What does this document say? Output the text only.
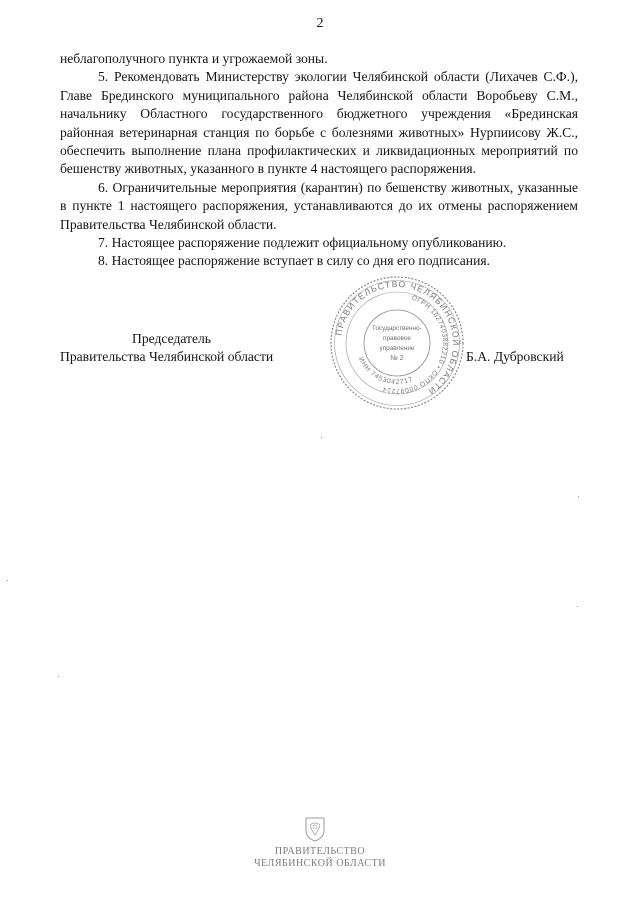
2

неблагополучного пункта и угрожаемой зоны.

5. Рекомендовать Министерству экологии Челябинской области (Лихачев С.Ф.), Главе Брединского муниципального района Челябинской области Воробьеву С.М., начальнику Областного государственного бюджетного учреждения «Брединская районная ветеринарная станция по борьбе с болезнями животных» Нурпиисову Ж.С., обеспечить выполнение плана профилактических и ликвидационных мероприятий по бешенству животных, указанного в пункте 4 настоящего распоряжения.

6. Ограничительные мероприятия (карантин) по бешенству животных, указанные в пункте 1 настоящего распоряжения, устанавливаются до их отмены распоряжением Правительства Челябинской области.

7. Настоящее распоряжение подлежит официальному опубликованию.

8. Настоящее распоряжение вступает в силу со дня его подписания.

Председатель
Правительства Челябинской области	Б.А. Дубровский
ПРАВИТЕЛЬСТВО ЧЕЛЯБИНСКОЙ ОБЛАСТИ
ОГРН 1027403882210 • ОКПО 00097214
ИНН 7453042717
Государственно-
правовое
управление
№ 2
ПРАВИТЕЛЬСТВО
ЧЕЛЯБИНСКОЙ ОБЛАСТИ
